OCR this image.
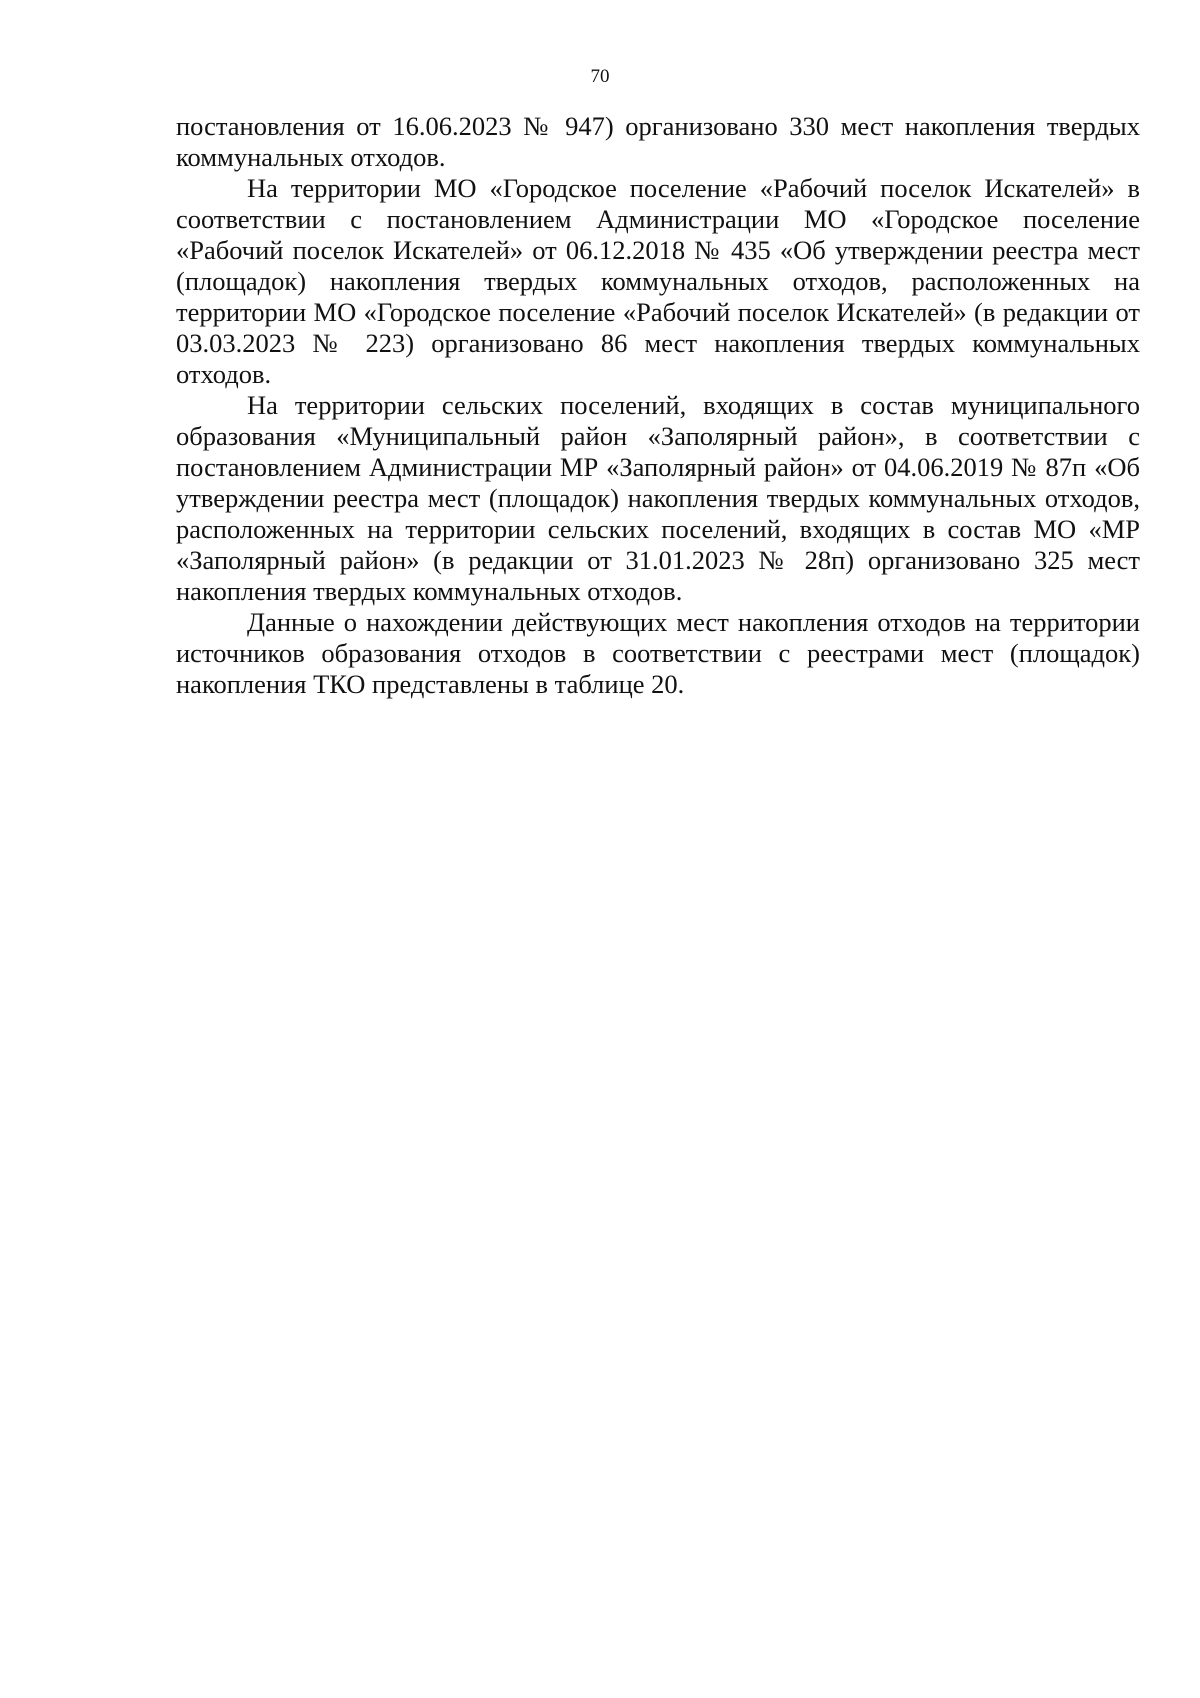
70

постановления от 16.06.2023 № 947) организовано 330 мест накопления твердых коммунальных отходов.

На территории МО «Городское поселение «Рабочий поселок Искателей» в соответствии с постановлением Администрации МО «Городское поселение «Рабочий поселок Искателей» от 06.12.2018 № 435 «Об утверждении реестра мест (площадок) накопления твердых коммунальных отходов, расположенных на территории МО «Городское поселение «Рабочий поселок Искателей» (в редакции от 03.03.2023 № 223) организовано 86 мест накопления твердых коммунальных отходов.

На территории сельских поселений, входящих в состав муниципального образования «Муниципальный район «Заполярный район», в соответствии с постановлением Администрации МР «Заполярный район» от 04.06.2019 № 87п «Об утверждении реестра мест (площадок) накопления твердых коммунальных отходов, расположенных на территории сельских поселений, входящих в состав МО «МР «Заполярный район» (в редакции от 31.01.2023 № 28п) организовано 325 мест накопления твердых коммунальных отходов.

Данные о нахождении действующих мест накопления отходов на территории источников образования отходов в соответствии с реестрами мест (площадок) накопления ТКО представлены в таблице 20.
